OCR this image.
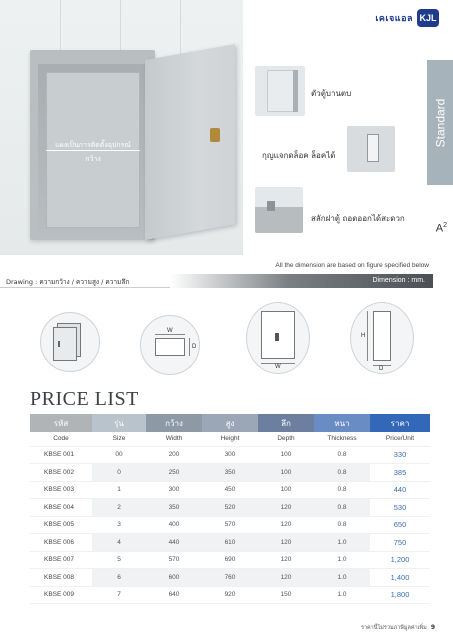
แผงเป็นการติดตั้งอุปกรณ์
กว้าง
เคเจแอล KJL
ตัวตู้บานตบ
กุญแจกดล็อค ล็อคได้
สลักฝาตู้ ถอดออกได้สะดวก
Standard
$A^2$
All the dimension are based on figure specified below
Drawing : ความกว้าง / ความสูง / ความลึก	Dimension : mm.
W
D
W
H
D
PRICE LIST
รหัส	รุ่น	กว้าง	สูง	ลึก	หนา	ราคา
Code	Size	Width	Height	Depth	Thickness	Price/Unit
KBSE 001	00	200	300	100	0.8	330
KBSE 002	0	250	350	100	0.8	385
KBSE 003	1	300	450	100	0.8	440
KBSE 004	2	350	520	120	0.8	530
KBSE 005	3	400	570	120	0.8	650
KBSE 006	4	440	610	120	1.0	750
KBSE 007	5	570	690	120	1.0	1,200
KBSE 008	6	600	760	120	1.0	1,400
KBSE 009	7	640	920	150	1.0	1,800
ราคานี้ไม่รวมภาษีมูลค่าเพิ่ม 9
